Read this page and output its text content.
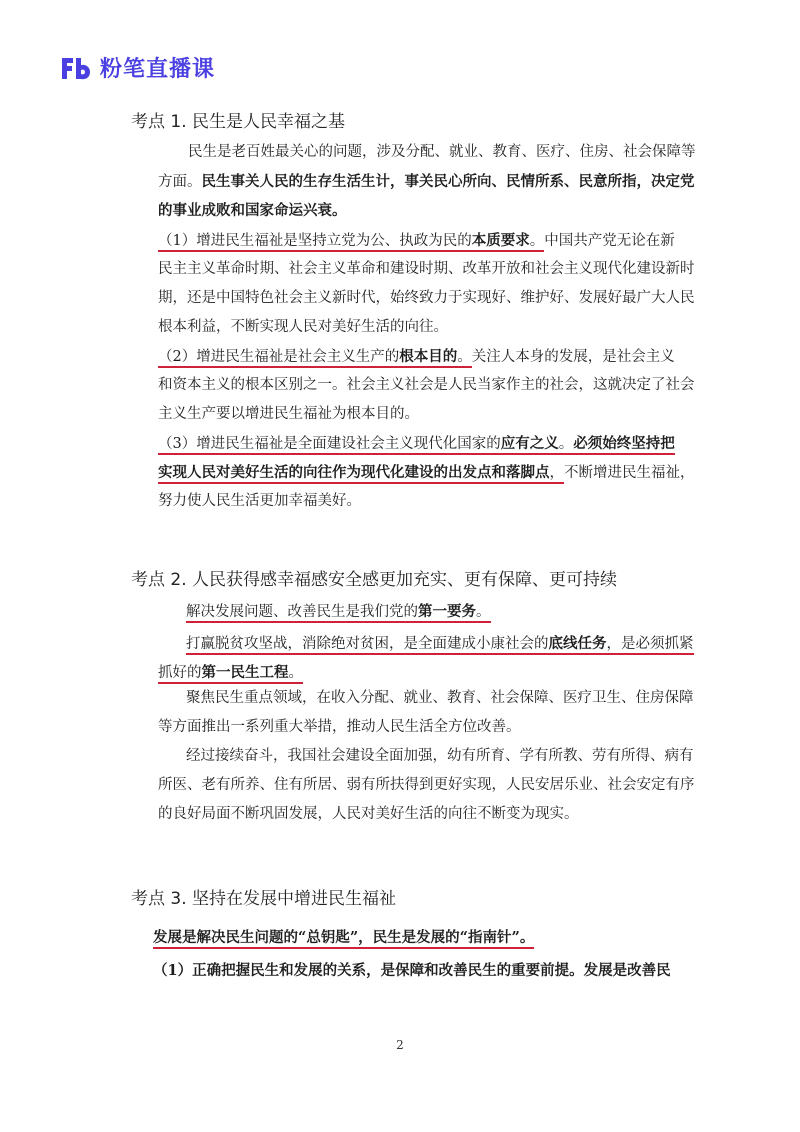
粉笔直播课
考点 1. 民生是人民幸福之基
民生是老百姓最关心的问题，涉及分配、就业、教育、医疗、住房、社会保障等
方面。民生事关人民的生存生活生计，事关民心所向、民情所系、民意所指，决定党
的事业成败和国家命运兴衰。
（1）增进民生福祉是坚持立党为公、执政为民的本质要求。中国共产党无论在新
民主主义革命时期、社会主义革命和建设时期、改革开放和社会主义现代化建设新时
期，还是中国特色社会主义新时代，始终致力于实现好、维护好、发展好最广大人民
根本利益，不断实现人民对美好生活的向往。
（2）增进民生福祉是社会主义生产的根本目的。关注人本身的发展，是社会主义
和资本主义的根本区别之一。社会主义社会是人民当家作主的社会，这就决定了社会
主义生产要以增进民生福祉为根本目的。
（3）增进民生福祉是全面建设社会主义现代化国家的应有之义。必须始终坚持把
实现人民对美好生活的向往作为现代化建设的出发点和落脚点，不断增进民生福祉，
努力使人民生活更加幸福美好。
考点 2. 人民获得感幸福感安全感更加充实、更有保障、更可持续
解决发展问题、改善民生是我们党的第一要务。
打赢脱贫攻坚战，消除绝对贫困，是全面建成小康社会的底线任务，是必须抓紧
抓好的第一民生工程。
聚焦民生重点领域，在收入分配、就业、教育、社会保障、医疗卫生、住房保障
等方面推出一系列重大举措，推动人民生活全方位改善。
经过接续奋斗，我国社会建设全面加强，幼有所育、学有所教、劳有所得、病有
所医、老有所养、住有所居、弱有所扶得到更好实现，人民安居乐业、社会安定有序
的良好局面不断巩固发展，人民对美好生活的向往不断变为现实。
考点 3. 坚持在发展中增进民生福祉
发展是解决民生问题的“总钥匙”，民生是发展的“指南针”。
（1）正确把握民生和发展的关系，是保障和改善民生的重要前提。发展是改善民
2
